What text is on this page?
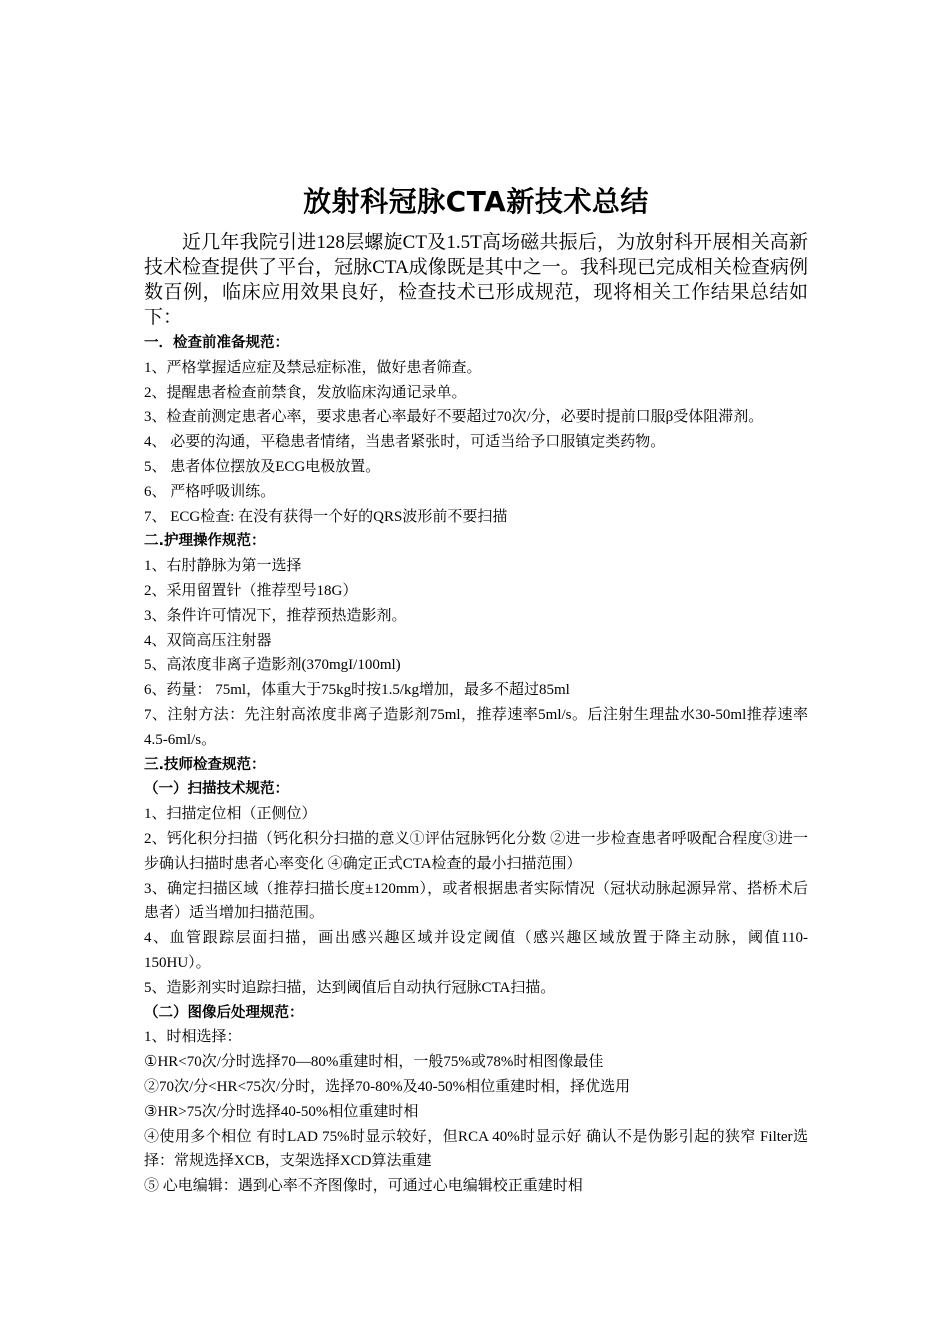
放射科冠脉CTA新技术总结

近几年我院引进128层螺旋CT及1.5T高场磁共振后，为放射科开展相关高新技术检查提供了平台，冠脉CTA成像既是其中之一。我科现已完成相关检查病例数百例，临床应用效果良好，检查技术已形成规范，现将相关工作结果总结如下：

一．检查前准备规范：
1、严格掌握适应症及禁忌症标准，做好患者筛查。
2、提醒患者检查前禁食，发放临床沟通记录单。
3、检查前测定患者心率，要求患者心率最好不要超过70次/分，必要时提前口服β受体阻滞剂。
4、 必要的沟通，平稳患者情绪，当患者紧张时，可适当给予口服镇定类药物。
5、 患者体位摆放及ECG电极放置。
6、 严格呼吸训练。
7、 ECG检查: 在没有获得一个好的QRS波形前不要扫描
二.护理操作规范：
1、右肘静脉为第一选择
2、采用留置针（推荐型号18G）
3、条件许可情况下，推荐预热造影剂。
4、双筒高压注射器
5、高浓度非离子造影剂(370mgI/100ml)
6、药量： 75ml，体重大于75kg时按1.5/kg增加，最多不超过85ml
7、注射方法：先注射高浓度非离子造影剂75ml，推荐速率5ml/s。后注射生理盐水30-50ml推荐速率4.5-6ml/s。
三.技师检查规范：
（一）扫描技术规范：
1、扫描定位相（正侧位）
2、钙化积分扫描（钙化积分扫描的意义①评估冠脉钙化分数 ②进一步检查患者呼吸配合程度③进一步确认扫描时患者心率变化 ④确定正式CTA检查的最小扫描范围）
3、确定扫描区域（推荐扫描长度±120mm），或者根据患者实际情况（冠状动脉起源异常、搭桥术后患者）适当增加扫描范围。
4、血管跟踪层面扫描，画出感兴趣区域并设定阈值（感兴趣区域放置于降主动脉，阈值110-150HU）。
5、造影剂实时追踪扫描，达到阈值后自动执行冠脉CTA扫描。
（二）图像后处理规范：
1、时相选择：
①HR<70次/分时选择70—80%重建时相，一般75%或78%时相图像最佳
②70次/分<HR<75次/分时，选择70-80%及40-50%相位重建时相，择优选用
③HR>75次/分时选择40-50%相位重建时相
④使用多个相位 有时LAD 75%时显示较好，但RCA 40%时显示好 确认不是伪影引起的狭窄 Filter选择：常规选择XCB，支架选择XCD算法重建
⑤ 心电编辑：遇到心率不齐图像时，可通过心电编辑校正重建时相
